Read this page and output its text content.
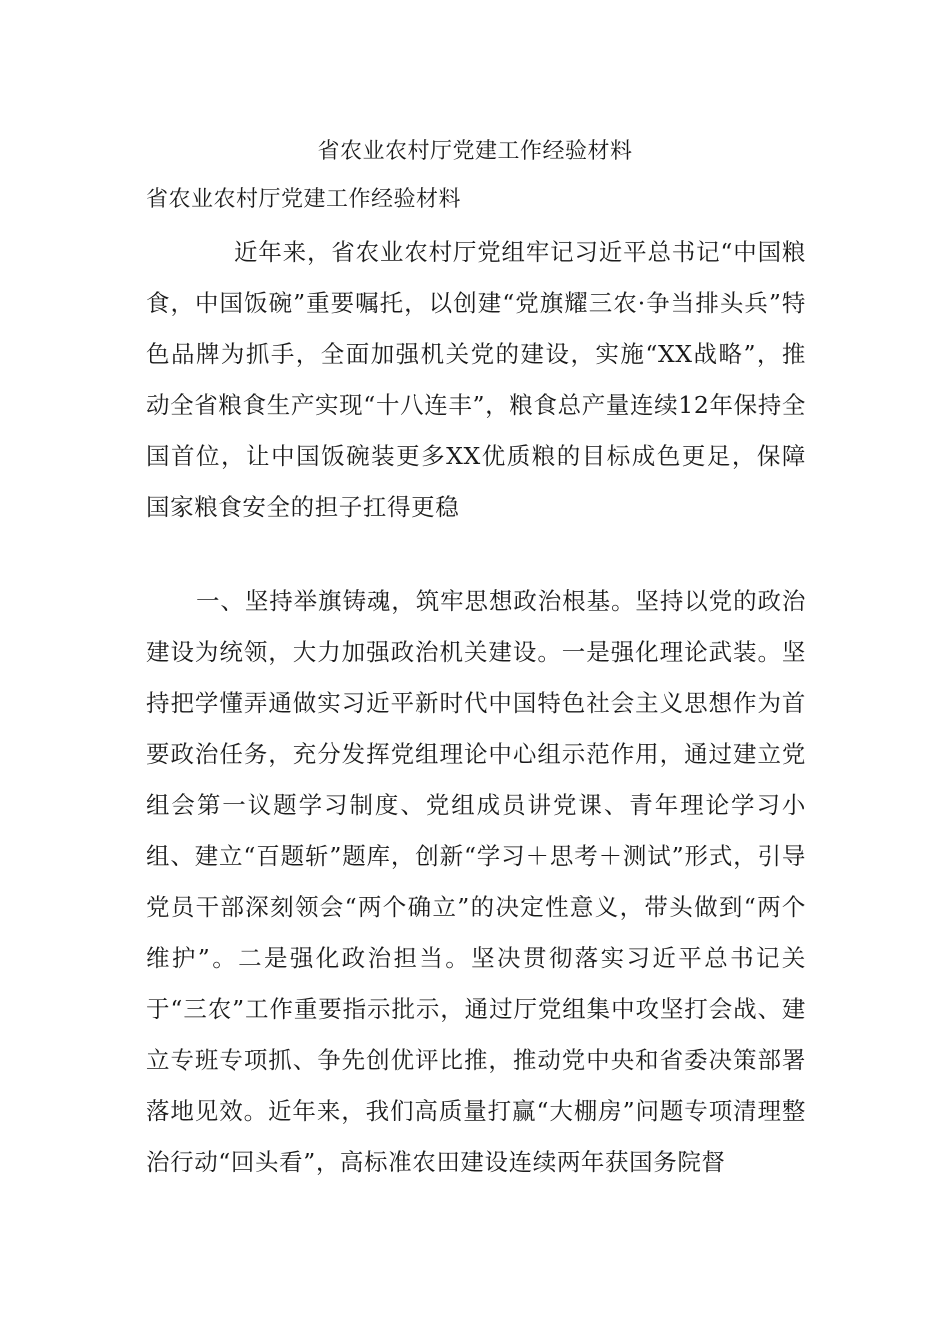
省农业农村厅党建工作经验材料
省农业农村厅党建工作经验材料

近年来，省农业农村厅党组牢记习近平总书记“中国粮食，中国饭碗”重要嘱托，以创建“党旗耀三农·争当排头兵”特色品牌为抓手，全面加强机关党的建设，实施“XX战略”，推动全省粮食生产实现“十八连丰”，粮食总产量连续12年保持全国首位，让中国饭碗装更多XX优质粮的目标成色更足，保障国家粮食安全的担子扛得更稳

一、坚持举旗铸魂，筑牢思想政治根基。坚持以党的政治建设为统领，大力加强政治机关建设。一是强化理论武装。坚持把学懂弄通做实习近平新时代中国特色社会主义思想作为首要政治任务，充分发挥党组理论中心组示范作用，通过建立党组会第一议题学习制度、党组成员讲党课、青年理论学习小组、建立“百题斩”题库，创新“学习＋思考＋测试”形式，引导党员干部深刻领会“两个确立”的决定性意义，带头做到“两个维护”。二是强化政治担当。坚决贯彻落实习近平总书记关于“三农”工作重要指示批示，通过厅党组集中攻坚打会战、建立专班专项抓、争先创优评比推，推动党中央和省委决策部署落地见效。近年来，我们高质量打赢“大棚房”问题专项清理整治行动“回头看”，高标准农田建设连续两年获国务院督
